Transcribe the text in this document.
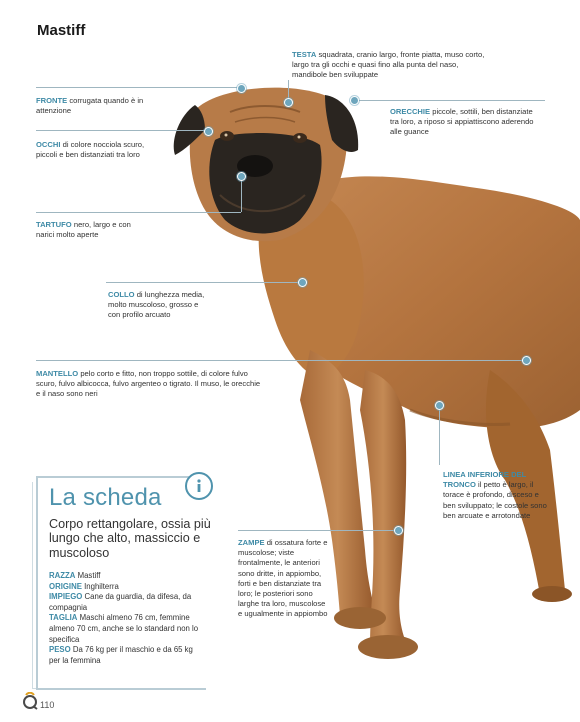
Mastiff
TESTA squadrata, cranio largo, fronte piatta, muso corto, largo tra gli occhi e quasi fino alla punta del naso, mandibole ben sviluppate
FRONTE corrugata quando è in attenzione	ORECCHIE piccole, sottili, ben distanziate tra loro, a riposo si appiattiscono aderendo alle guance
OCCHI di colore nocciola scuro, piccoli e ben distanziati tra loro
TARTUFO nero, largo e con narici molto aperte
COLLO di lunghezza media, molto muscoloso, grosso e con profilo arcuato
MANTELLO pelo corto e fitto, non troppo sottile, di colore fulvo scuro, fulvo albicocca, fulvo argenteo o tigrato. Il muso, le orecchie e il naso sono neri
LINEA INFERIORE DEL TRONCO il petto è largo, il torace è profondo, disceso e ben sviluppato; le costole sono ben arcuate e arrotondate
ZAMPE di ossatura forte e muscolose; viste frontalmente, le anteriori sono dritte, in appiombo, forti e ben distanziate tra loro; le posteriori sono larghe tra loro, muscolose e ugualmente in appiombo
La scheda
Corpo rettangolare, ossia più lungo che alto, massiccio e muscoloso
RAZZA Mastiff
ORIGINE Inghilterra
IMPIEGO Cane da guardia, da difesa, da compagnia
TAGLIA Maschi almeno 76 cm, femmine almeno 70 cm, anche se lo standard non lo specifica
PESO Da 76 kg per il maschio e da 65 kg per la femmina
110
